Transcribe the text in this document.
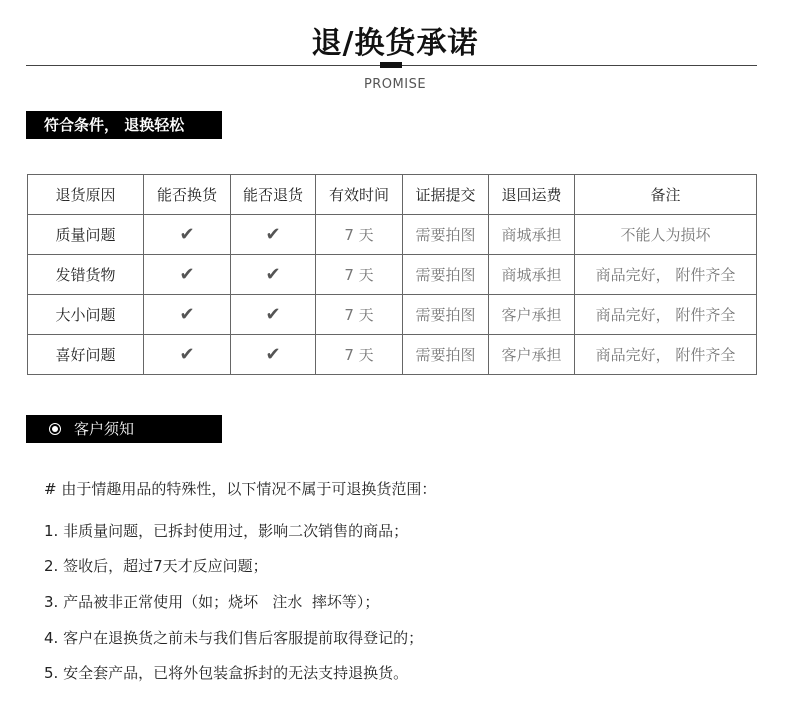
退/换货承诺
PROMISE
符合条件， 退换轻松
退货原因	能否换货	能否退货	有效时间	证据提交	退回运费	备注
质量问题	✔	✔	7 天	需要拍图	商城承担	不能人为损坏
发错货物	✔	✔	7 天	需要拍图	商城承担	商品完好， 附件齐全
大小问题	✔	✔	7 天	需要拍图	客户承担	商品完好， 附件齐全
喜好问题	✔	✔	7 天	需要拍图	客户承担	商品完好， 附件齐全
客户须知
# 由于情趣用品的特殊性，以下情况不属于可退换货范围：
1. 非质量问题，已拆封使用过，影响二次销售的商品；
2. 签收后，超过7天才反应问题；
3. 产品被非正常使用（如；烧坏   注水  摔坏等）；
4. 客户在退换货之前未与我们售后客服提前取得登记的；
5. 安全套产品，已将外包装盒拆封的无法支持退换货。
